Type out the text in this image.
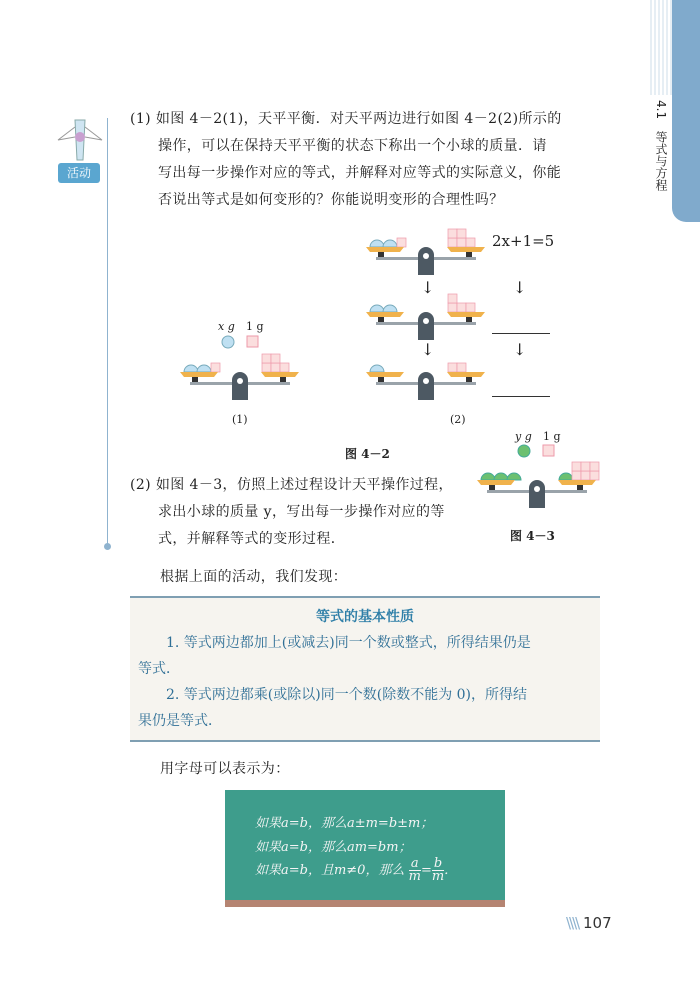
4.1　等式与方程
活动
(1) 如图 4－2(1)，天平平衡．对天平两边进行如图 4－2(2)所示的
操作，可以在保持天平平衡的状态下称出一个小球的质量．请
写出每一步操作对应的等式，并解释对应等式的实际意义，你能
否说出等式是如何变形的？你能说明变形的合理性吗？
x g 1 g
(1)
2x+1=5
↓
↓
↓
↓
(2)
图 4－2
y g 1 g
图 4－3
(2) 如图 4－3，仿照上述过程设计天平操作过程，
求出小球的质量 y，写出每一步操作对应的等
式，并解释等式的变形过程．
根据上面的活动，我们发现：
等式的基本性质

1. 等式两边都加上(或减去)同一个数或整式，所得结果仍是

等式．

2. 等式两边都乘(或除以)同一个数(除数不能为 0)，所得结

果仍是等式．

用字母可以表示为：
如果a=b，那么a±m=b±m；
如果a=b，那么am=bm；
如果a=b，且m≠0，那么 $\frac{a}{m} = \frac{b}{m}$ ．
\\\\ 107
